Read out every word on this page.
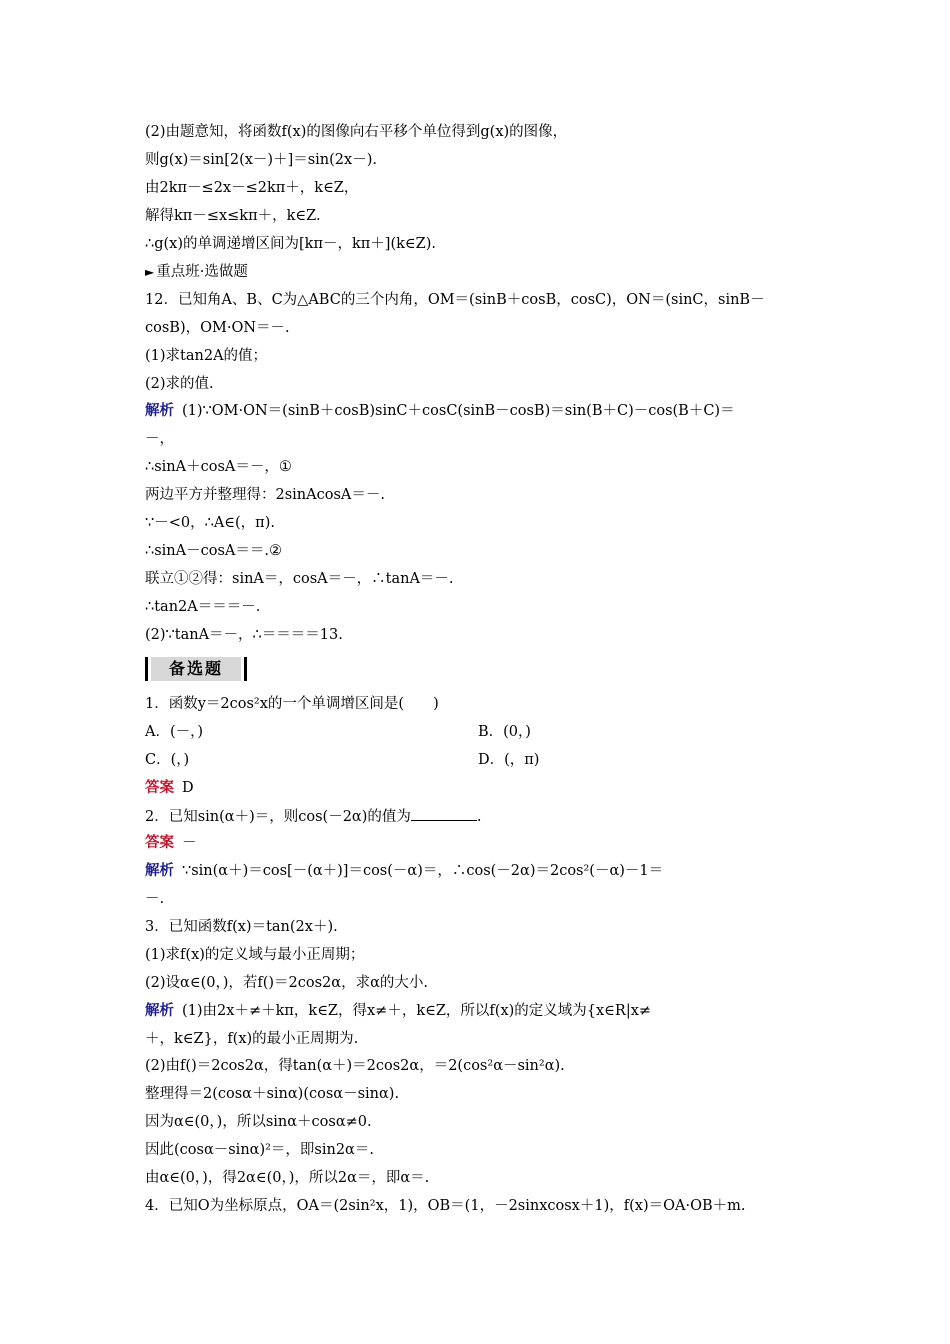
(2)由题意知，将函数f(x)的图像向右平移个单位得到g(x)的图像，
则g(x)＝sin[2(x－)＋]＝sin(2x－).
由2kπ－≤2x－≤2kπ＋，k∈Z，
解得kπ－≤x≤kπ＋，k∈Z.
∴g(x)的单调递增区间为[kπ－，kπ＋](k∈Z).
► 重点班·选做题
12．已知角A、B、C为△ABC的三个内角，OM＝(sinB＋cosB，cosC)，ON＝(sinC，sinB－
cosB)，OM·ON＝－.
(1)求tan2A的值；
(2)求的值.
解析 (1)∵OM·ON＝(sinB＋cosB)sinC＋cosC(sinB－cosB)＝sin(B＋C)－cos(B＋C)＝
－，
∴sinA＋cosA＝－，①
两边平方并整理得：2sinAcosA＝－.
∵－<0，∴A∈(，π).
∴sinA－cosA＝＝.②
联立①②得：sinA＝，cosA＝－，∴tanA＝－.
∴tan2A＝＝＝－.
(2)∵tanA＝－，∴＝＝＝＝13.
备选题
1．函数y＝2cos²x的一个单调增区间是(　　)
A．(－，)	B．(0，)
C．(，)	D．(，π)
答案 D
2．已知sin(α＋)＝，则cos(－2α)的值为	.
答案 －
解析 ∵sin(α＋)＝cos[－(α＋)]＝cos(－α)＝，∴cos(－2α)＝2cos²(－α)－1＝
－.
3．已知函数f(x)＝tan(2x＋).
(1)求f(x)的定义域与最小正周期；
(2)设α∈(0，)，若f()＝2cos2α，求α的大小.
解析 (1)由2x＋≠＋kπ，k∈Z，得x≠＋，k∈Z，所以f(x)的定义域为{x∈R|x≠
＋，k∈Z}，f(x)的最小正周期为.
(2)由f()＝2cos2α，得tan(α＋)＝2cos2α，＝2(cos²α－sin²α).
整理得＝2(cosα＋sinα)(cosα－sinα).
因为α∈(0，)，所以sinα＋cosα≠0.
因此(cosα－sinα)²＝，即sin2α＝.
由α∈(0，)，得2α∈(0，)，所以2α＝，即α＝.
4．已知O为坐标原点，OA＝(2sin²x，1)，OB＝(1，－2sinxcosx＋1)，f(x)＝OA·OB＋m.
